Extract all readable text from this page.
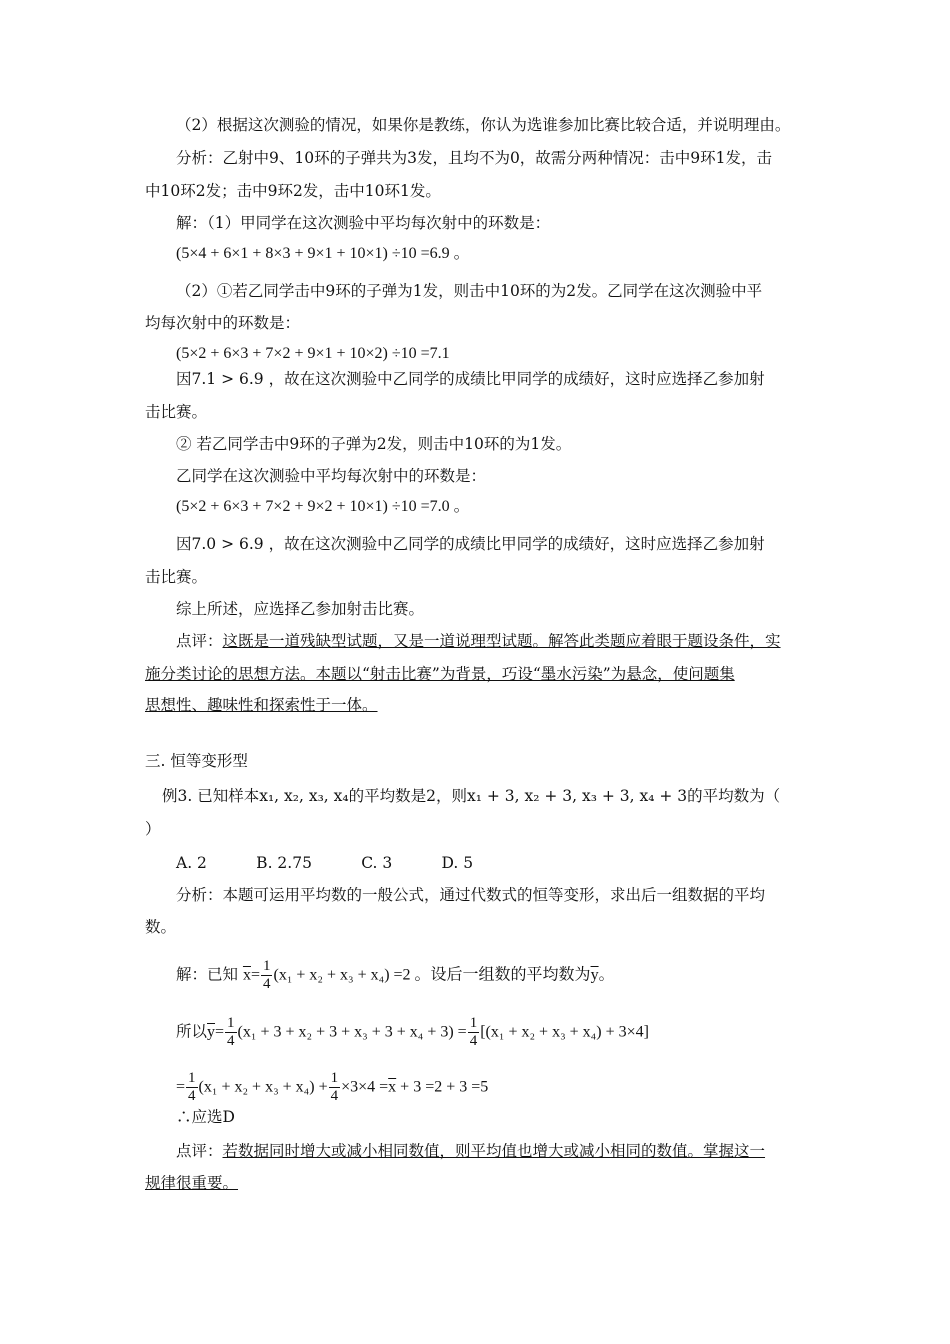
（2）根据这次测验的情况，如果你是教练，你认为选谁参加比赛比较合适，并说明理由。
分析：乙射中9、10环的子弹共为3发，且均不为0，故需分两种情况：击中9环1发，击
中10环2发；击中9环2发，击中10环1发。
解：（1）甲同学在这次测验中平均每次射中的环数是：
(5×4 + 6×1 + 8×3 + 9×1 + 10×1) ÷10 =6.9 。
（2）①若乙同学击中9环的子弹为1发，则击中10环的为2发。乙同学在这次测验中平
均每次射中的环数是：
(5×2 + 6×3 + 7×2 + 9×1 + 10×2) ÷10 =7.1
因7.1 > 6.9 ，故在这次测验中乙同学的成绩比甲同学的成绩好，这时应选择乙参加射
击比赛。
② 若乙同学击中9环的子弹为2发，则击中10环的为1发。
乙同学在这次测验中平均每次射中的环数是：
(5×2 + 6×3 + 7×2 + 9×2 + 10×1) ÷10 =7.0 。
因7.0 > 6.9 ，故在这次测验中乙同学的成绩比甲同学的成绩好，这时应选择乙参加射
击比赛。
综上所述，应选择乙参加射击比赛。
点评：这既是一道残缺型试题，又是一道说理型试题。解答此类题应着眼于题设条件，实
施分类讨论的思想方法。本题以“射击比赛”为背景，巧设“墨水污染”为悬念，使问题集
思想性、趣味性和探索性于一体。
三. 恒等变形型
例3. 已知样本x₁, x₂, x₃, x₄的平均数是2，则x₁ + 3, x₂ + 3, x₃ + 3, x₄ + 3的平均数为（
）
A. 2          B. 2.75          C. 3          D. 5
分析：本题可运用平均数的一般公式，通过代数式的恒等变形，求出后一组数据的平均
数。
解：已知 $\overline{x}= \frac{1}{4} (x_1 + x_2 + x_3 + x_4) =2$ 。设后一组数的平均数为$\overline{y}$。
所以$\overline{y}= \frac{1}{4} (x_1 + 3 + x_2 + 3 + x_3 + 3 + x_4 + 3) = \frac{1}{4} [(x_1 + x_2 + x_3 + x_4) + 3\times 4]$
= $\frac{1}{4} (x_1 + x_2 + x_3 + x_4) + \frac{1}{4} \times 3\times 4 =\overline{x} + 3 =2 + 3 =5$
∴应选D
点评：若数据同时增大或减小相同数值，则平均值也增大或减小相同的数值。掌握这一
规律很重要。
